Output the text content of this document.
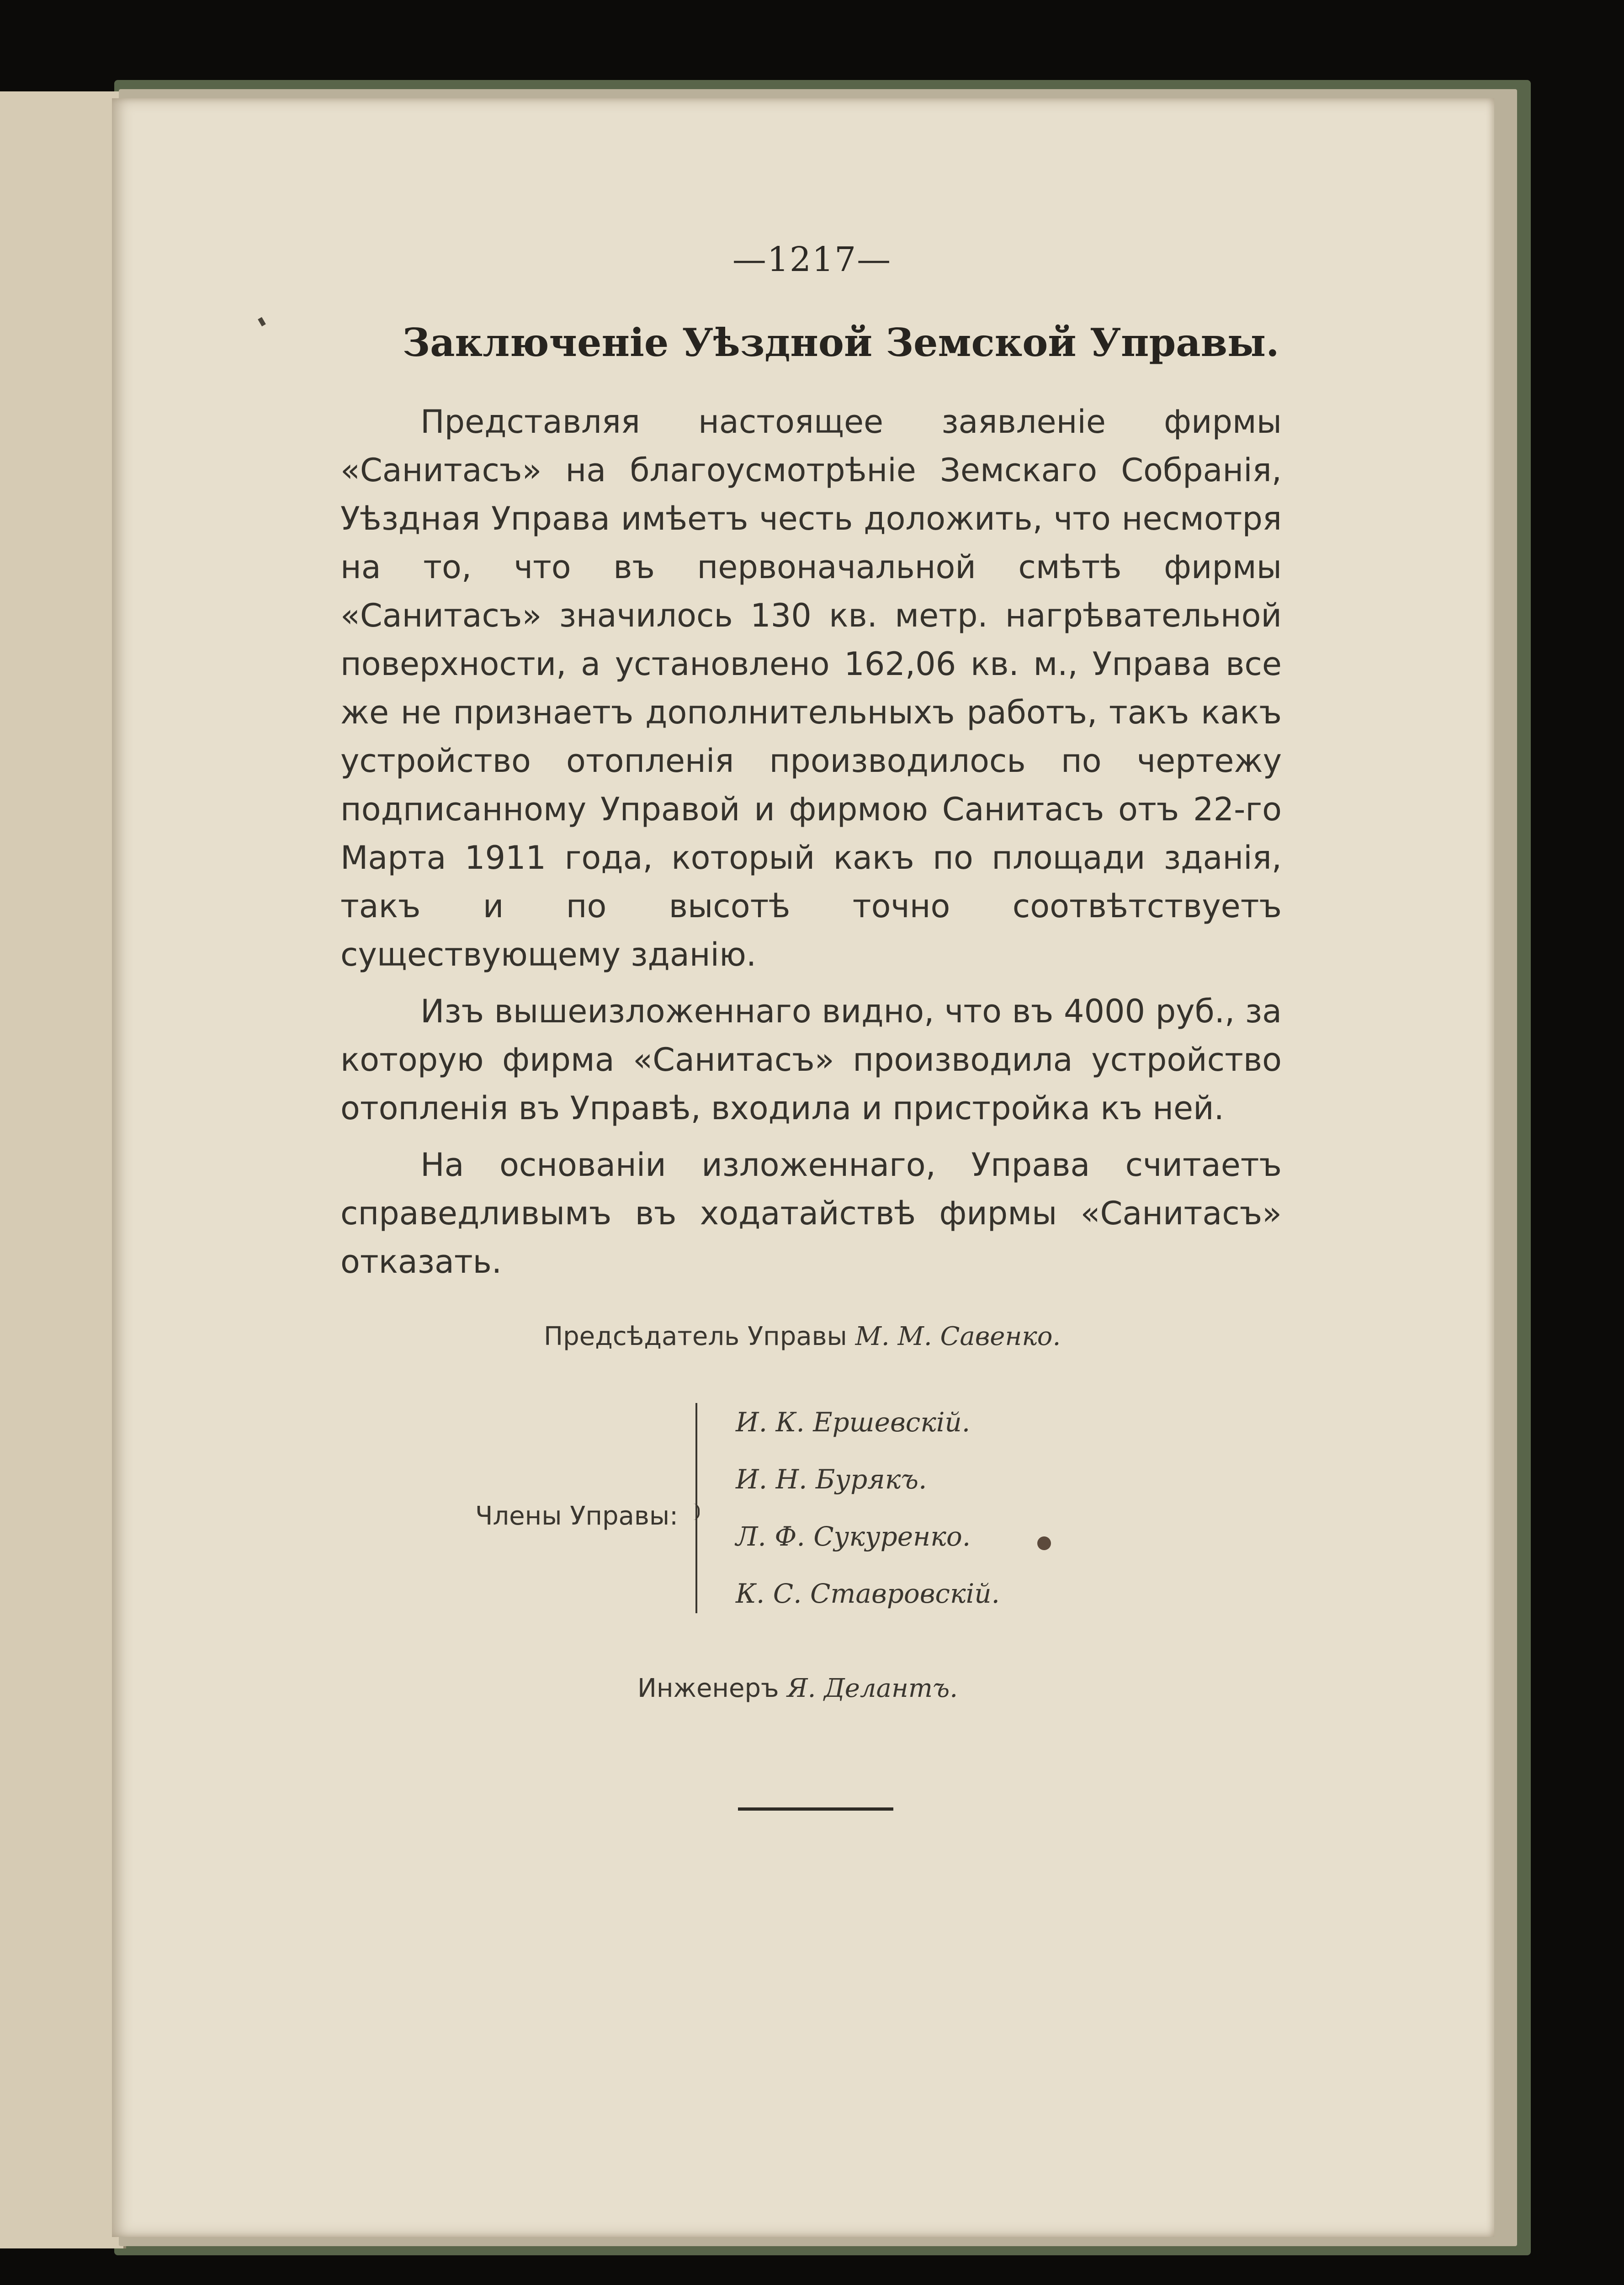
—1217—
Заключеніе Уѣздной Земской Управы.

Представляя настоящее заявленіе фирмы «Санитасъ» на благоусмотрѣніе Земскаго Собранія, Уѣздная Управа имѣетъ честь доложить, что несмотря на то, что въ первоначальной смѣтѣ фирмы «Санитасъ» значилось 130 кв. метр. нагрѣвательной поверхности, а установлено 162,06 кв. м., Управа все же не признаетъ дополнительныхъ работъ, такъ какъ устройство отопленія производилось по чертежу подписанному Управой и фирмою Санитасъ отъ 22-го Марта 1911 года, который какъ по площади зданія, такъ и по высотѣ точно соотвѣтствуетъ существующему зданію.

Изъ вышеизложеннаго видно, что въ 4000 руб., за которую фирма «Санитасъ» производила устройство отопленія въ Управѣ, входила и пристройка къ ней.

На основаніи изложеннаго, Управа считаетъ справедливымъ въ ходатайствѣ фирмы «Санитасъ» отказать.

Предсѣдатель Управы М. М. Савенко.
Члены Управы:
И. К. Ершевскій.
И. Н. Бурякъ.
Л. Ф. Сукуренко.
К. С. Ставровскій.
Инженеръ Я. Делантъ.
